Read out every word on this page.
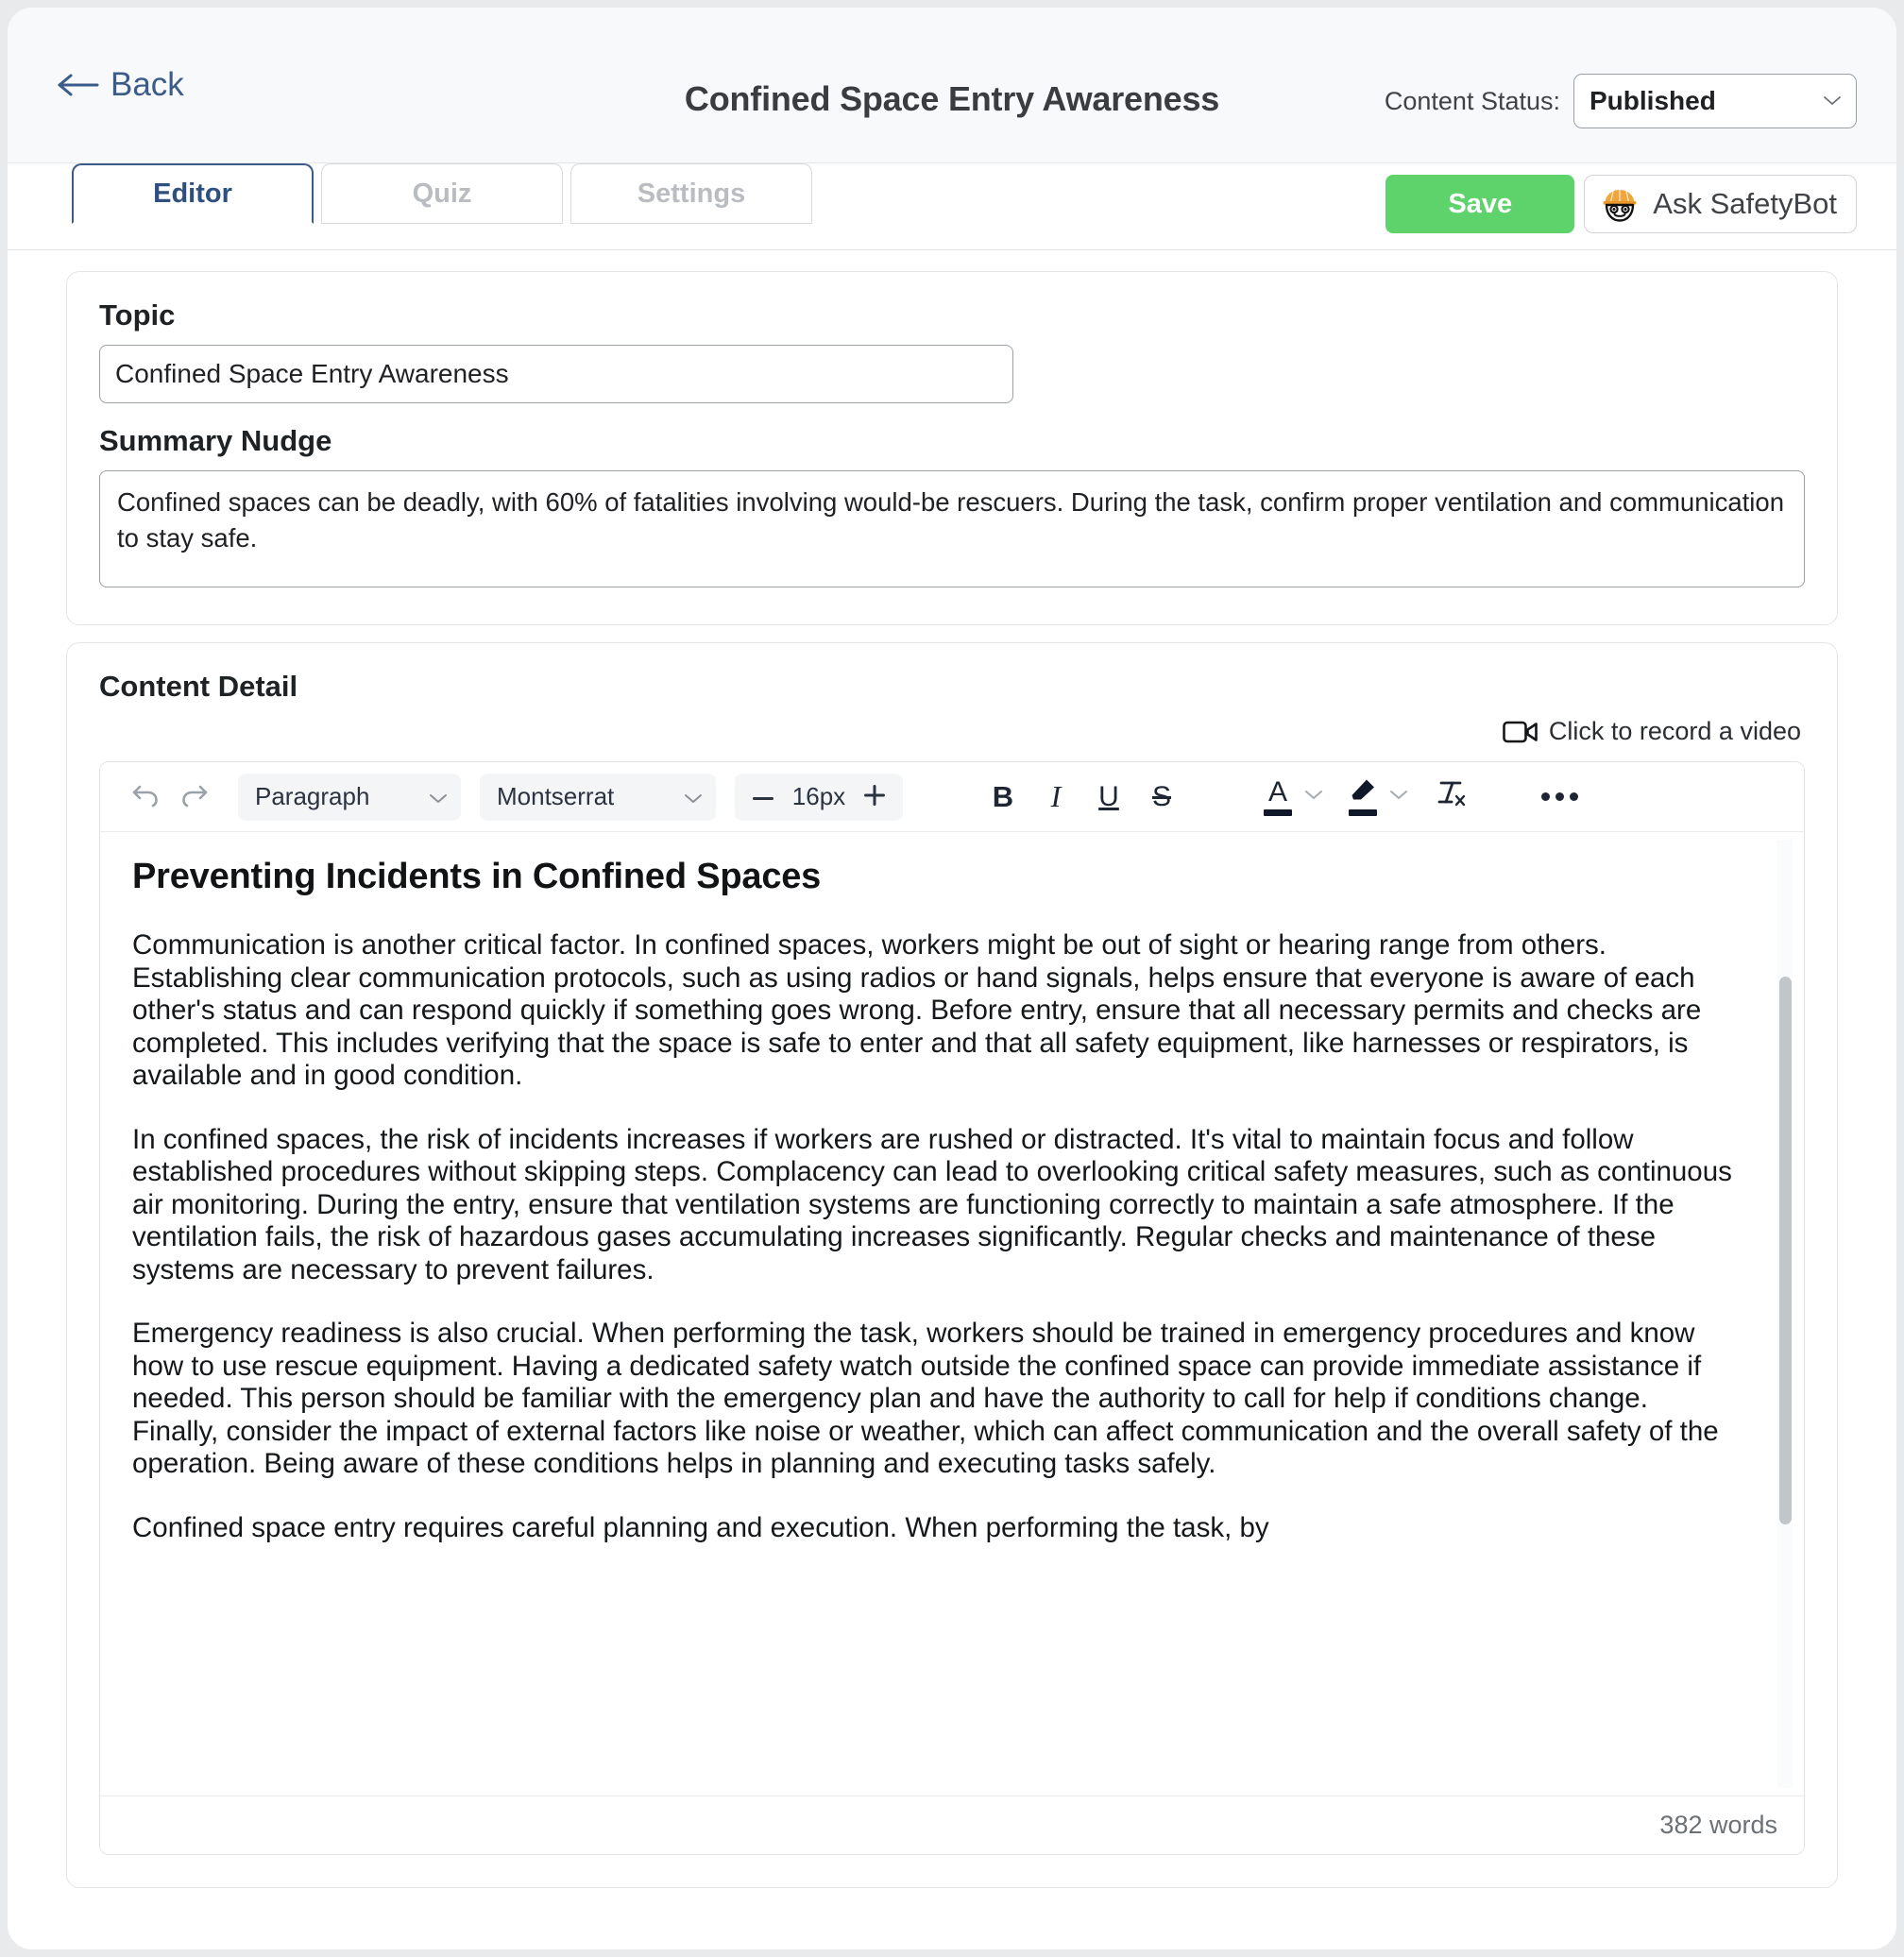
Back	Confined Space Entry Awareness	Content Status: Published
Editor	Quiz	Settings	Save	Ask SafetyBot
Topic
Confined Space Entry Awareness
Summary Nudge
Confined spaces can be deadly, with 60% of fatalities involving would-be rescuers. During the task, confirm proper ventilation and communication to stay safe.
Content Detail
Click to record a video
Paragraph	Montserrat	16px	B	I	U	S	A
Preventing Incidents in Confined Spaces

Communication is another critical factor. In confined spaces, workers might be out of sight or hearing range from others. Establishing clear communication protocols, such as using radios or hand signals, helps ensure that everyone is aware of each other's status and can respond quickly if something goes wrong. Before entry, ensure that all necessary permits and checks are completed. This includes verifying that the space is safe to enter and that all safety equipment, like harnesses or respirators, is available and in good condition.

In confined spaces, the risk of incidents increases if workers are rushed or distracted. It's vital to maintain focus and follow established procedures without skipping steps. Complacency can lead to overlooking critical safety measures, such as continuous air monitoring. During the entry, ensure that ventilation systems are functioning correctly to maintain a safe atmosphere. If the ventilation fails, the risk of hazardous gases accumulating increases significantly. Regular checks and maintenance of these systems are necessary to prevent failures.

Emergency readiness is also crucial. When performing the task, workers should be trained in emergency procedures and know how to use rescue equipment. Having a dedicated safety watch outside the confined space can provide immediate assistance if needed. This person should be familiar with the emergency plan and have the authority to call for help if conditions change. Finally, consider the impact of external factors like noise or weather, which can affect communication and the overall safety of the operation. Being aware of these conditions helps in planning and executing tasks safely.

Confined space entry requires careful planning and execution. When performing the task, by

382 words
